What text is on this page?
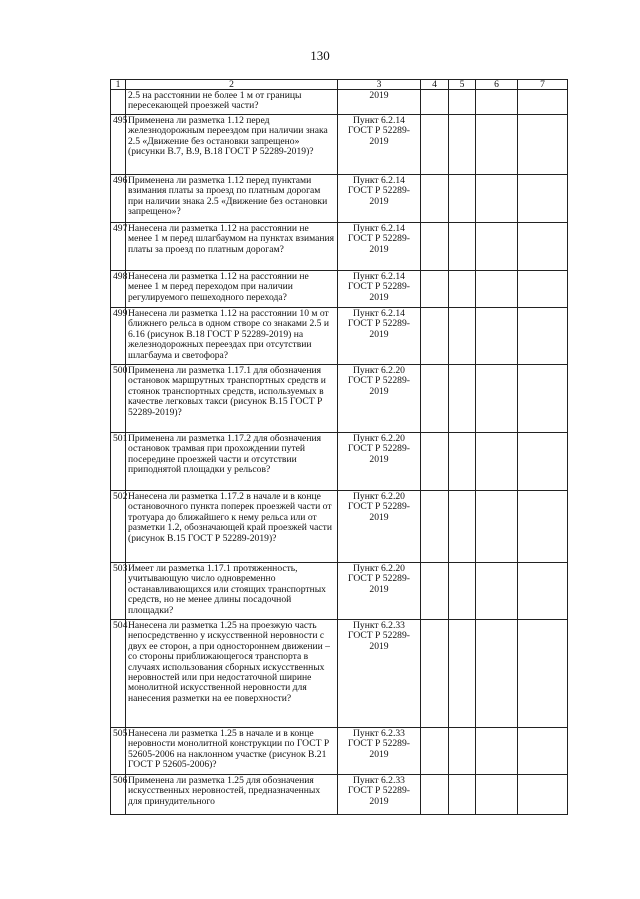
130
1	2	3	4	5	6	7
	2.5 на расстоянии не более 1 м от границы пересекающей проезжей части?	2019				
495	Применена ли разметка 1.12 перед железнодорожным переездом при наличии знака 2.5 «Движение без остановки запрещено» (рисунки В.7, В.9, В.18 ГОСТ Р 52289-2019)?	Пункт 6.2.14 ГОСТ Р 52289-2019				
496	Применена ли разметка 1.12 перед пунктами взимания платы за проезд по платным дорогам при наличии знака 2.5 «Движение без остановки запрещено»?	Пункт 6.2.14 ГОСТ Р 52289-2019				
497	Нанесена ли разметка 1.12 на расстоянии не менее 1 м перед шлагбаумом на пунктах взимания платы за проезд по платным дорогам?	Пункт 6.2.14 ГОСТ Р 52289-2019				
498	Нанесена ли разметка 1.12 на расстоянии не менее 1 м перед переходом при наличии регулируемого пешеходного перехода?	Пункт 6.2.14 ГОСТ Р 52289-2019				
499	Нанесена ли разметка 1.12 на расстоянии 10 м от ближнего рельса в одном створе со знаками 2.5 и 6.16 (рисунок В.18 ГОСТ Р 52289-2019) на железнодорожных переездах при отсутствии шлагбаума и светофора?	Пункт 6.2.14 ГОСТ Р 52289-2019				
500	Применена ли разметка 1.17.1 для обозначения остановок маршрутных транспортных средств и стоянок транспортных средств, используемых в качестве легковых такси (рисунок В.15 ГОСТ Р 52289-2019)?	Пункт 6.2.20 ГОСТ Р 52289-2019				
501	Применена ли разметка 1.17.2 для обозначения остановок трамвая при прохождении путей посередине проезжей части и отсутствии приподнятой площадки у рельсов?	Пункт 6.2.20 ГОСТ Р 52289-2019				
502	Нанесена ли разметка 1.17.2 в начале и в конце остановочного пункта поперек проезжей части от тротуара до ближайшего к нему рельса или от разметки 1.2, обозначающей край проезжей части (рисунок В.15 ГОСТ Р 52289-2019)?	Пункт 6.2.20 ГОСТ Р 52289-2019				
503	Имеет ли разметка 1.17.1 протяженность, учитывающую число одновременно останавливающихся или стоящих транспортных средств, но не менее длины посадочной площадки?	Пункт 6.2.20 ГОСТ Р 52289-2019				
504	Нанесена ли разметка 1.25 на проезжую часть непосредственно у искусственной неровности с двух ее сторон, а при одностороннем движении – со стороны приближающегося транспорта в случаях использования сборных искусственных неровностей или при недостаточной ширине монолитной искусственной неровности для нанесения разметки на ее поверхности?	Пункт 6.2.33 ГОСТ Р 52289-2019				
505	Нанесена ли разметка 1.25 в начале и в конце неровности монолитной конструкции по ГОСТ Р 52605-2006 на наклонном участке (рисунок В.21 ГОСТ Р 52605-2006)?	Пункт 6.2.33 ГОСТ Р 52289-2019				
506	Применена ли разметка 1.25 для обозначения искусственных неровностей, предназначенных для принудительного	Пункт 6.2.33 ГОСТ Р 52289-2019				
